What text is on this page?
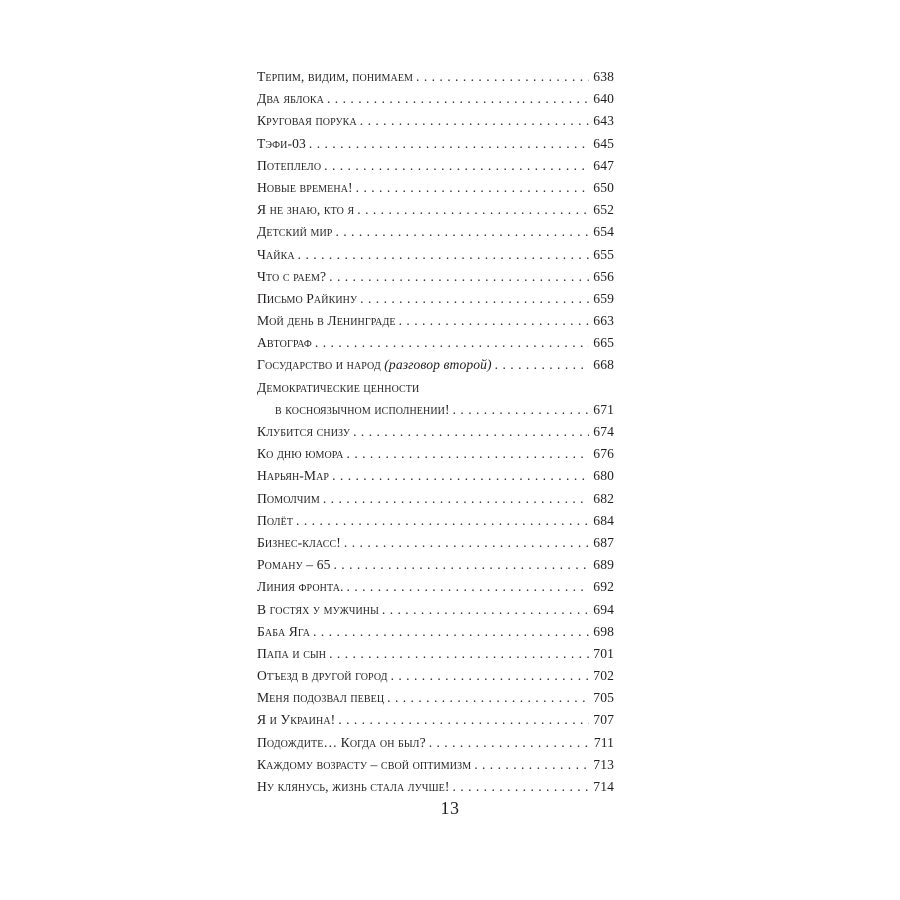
Терпим, видим, понимаем . . .	638
Два яблока . . .	640
Круговая порука . . .	643
Тэфи-03 . . .	645
Потеплело . . .	647
Новые времена! . . .	650
Я не знаю, кто я . . .	652
Детский мир . . .	654
Чайка . . .	655
Что с раем? . . .	656
Письмо Райкину . . .	659
Мой день в Ленинграде . . .	663
Автограф . . .	665
Государство и народ (разговор второй) . . .	668
Демократические ценности
в косноязычном исполнении! . . .	671
Клубится снизу . . .	674
Ко дню юмора . . .	676
Нарьян-Мар . . .	680
Помолчим . . .	682
Полёт . . .	684
Бизнес-класс! . . .	687
Роману – 65 . . .	689
Линия фронта. . . .	692
В гостях у мужчины . . .	694
Баба Яга . . .	698
Папа и сын . . .	701
Отъезд в другой город . . .	702
Меня подозвал певец . . .	705
Я и Украина! . . .	707
Подождите… Когда он был? . . .	711
Каждому возрасту – свой оптимизм . . .	713
Ну клянусь, жизнь стала лучше! . . .	714
13
